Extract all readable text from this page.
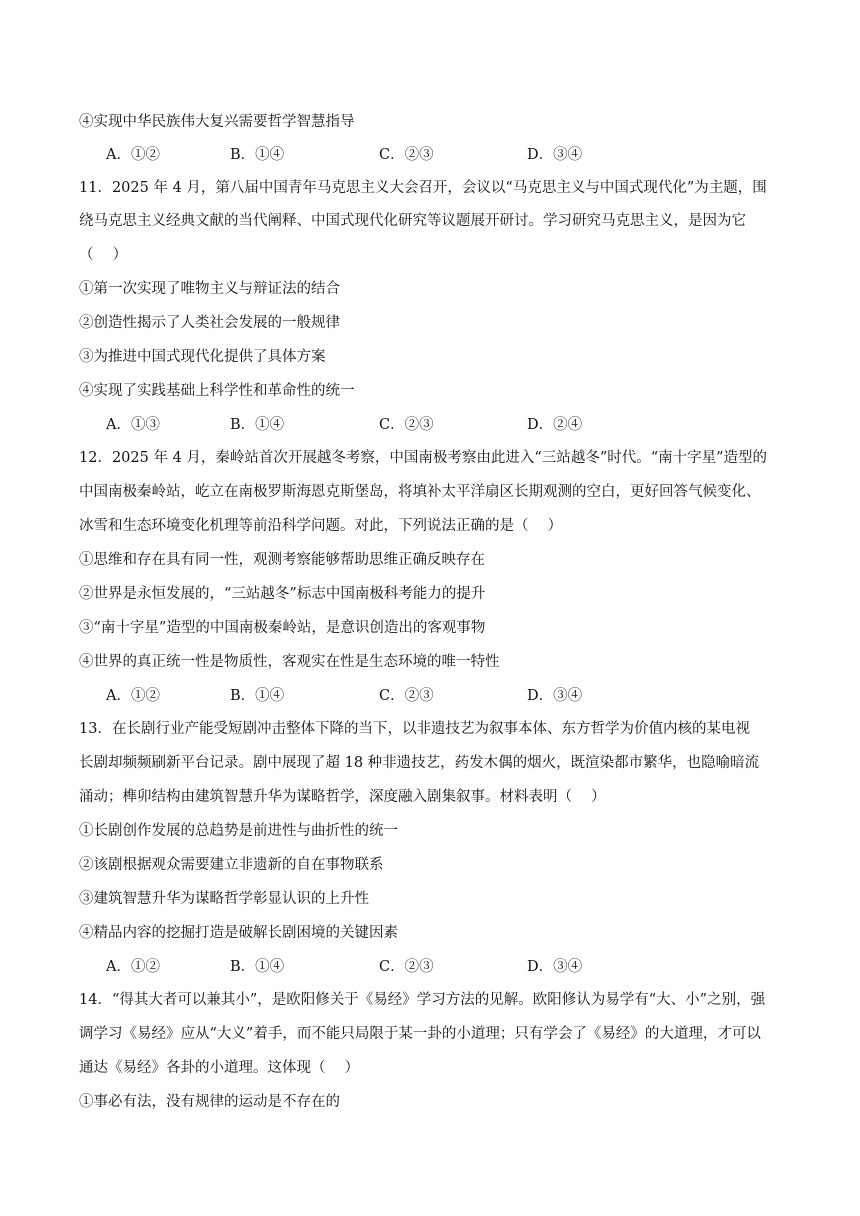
④实现中华民族伟大复兴需要哲学智慧指导
A．①②	B．①④	C．②③	D．③④
11．2025 年 4 月，第八届中国青年马克思主义大会召开，会议以“马克思主义与中国式现代化”为主题，围
绕马克思主义经典文献的当代阐释、中国式现代化研究等议题展开研讨。学习研究马克思主义，是因为它
（　 ）
①第一次实现了唯物主义与辩证法的结合
②创造性揭示了人类社会发展的一般规律
③为推进中国式现代化提供了具体方案
④实现了实践基础上科学性和革命性的统一
A．①③	B．①④	C．②③	D．②④
12．2025 年 4 月，秦岭站首次开展越冬考察，中国南极考察由此进入“三站越冬”时代。“南十字星”造型的
中国南极秦岭站，屹立在南极罗斯海恩克斯堡岛，将填补太平洋扇区长期观测的空白，更好回答气候变化、
冰雪和生态环境变化机理等前沿科学问题。对此，下列说法正确的是（　 ）
①思维和存在具有同一性，观测考察能够帮助思维正确反映存在
②世界是永恒发展的，“三站越冬”标志中国南极科考能力的提升
③“南十字星”造型的中国南极秦岭站，是意识创造出的客观事物
④世界的真正统一性是物质性，客观实在性是生态环境的唯一特性
A．①②	B．①④	C．②③	D．③④
13．在长剧行业产能受短剧冲击整体下降的当下，以非遗技艺为叙事本体、东方哲学为价值内核的某电视
长剧却频频刷新平台记录。剧中展现了超 18 种非遗技艺，药发木偶的烟火，既渲染都市繁华，也隐喻暗流
涌动；榫卯结构由建筑智慧升华为谋略哲学，深度融入剧集叙事。材料表明（　 ）
①长剧创作发展的总趋势是前进性与曲折性的统一
②该剧根据观众需要建立非遗新的自在事物联系
③建筑智慧升华为谋略哲学彰显认识的上升性
④精品内容的挖掘打造是破解长剧困境的关键因素
A．①②	B．①④	C．②③	D．③④
14．“得其大者可以兼其小”，是欧阳修关于《易经》学习方法的见解。欧阳修认为易学有“大、小”之别，强
调学习《易经》应从“大义”着手，而不能只局限于某一卦的小道理；只有学会了《易经》的大道理，才可以
通达《易经》各卦的小道理。这体现（　 ）
①事必有法，没有规律的运动是不存在的
